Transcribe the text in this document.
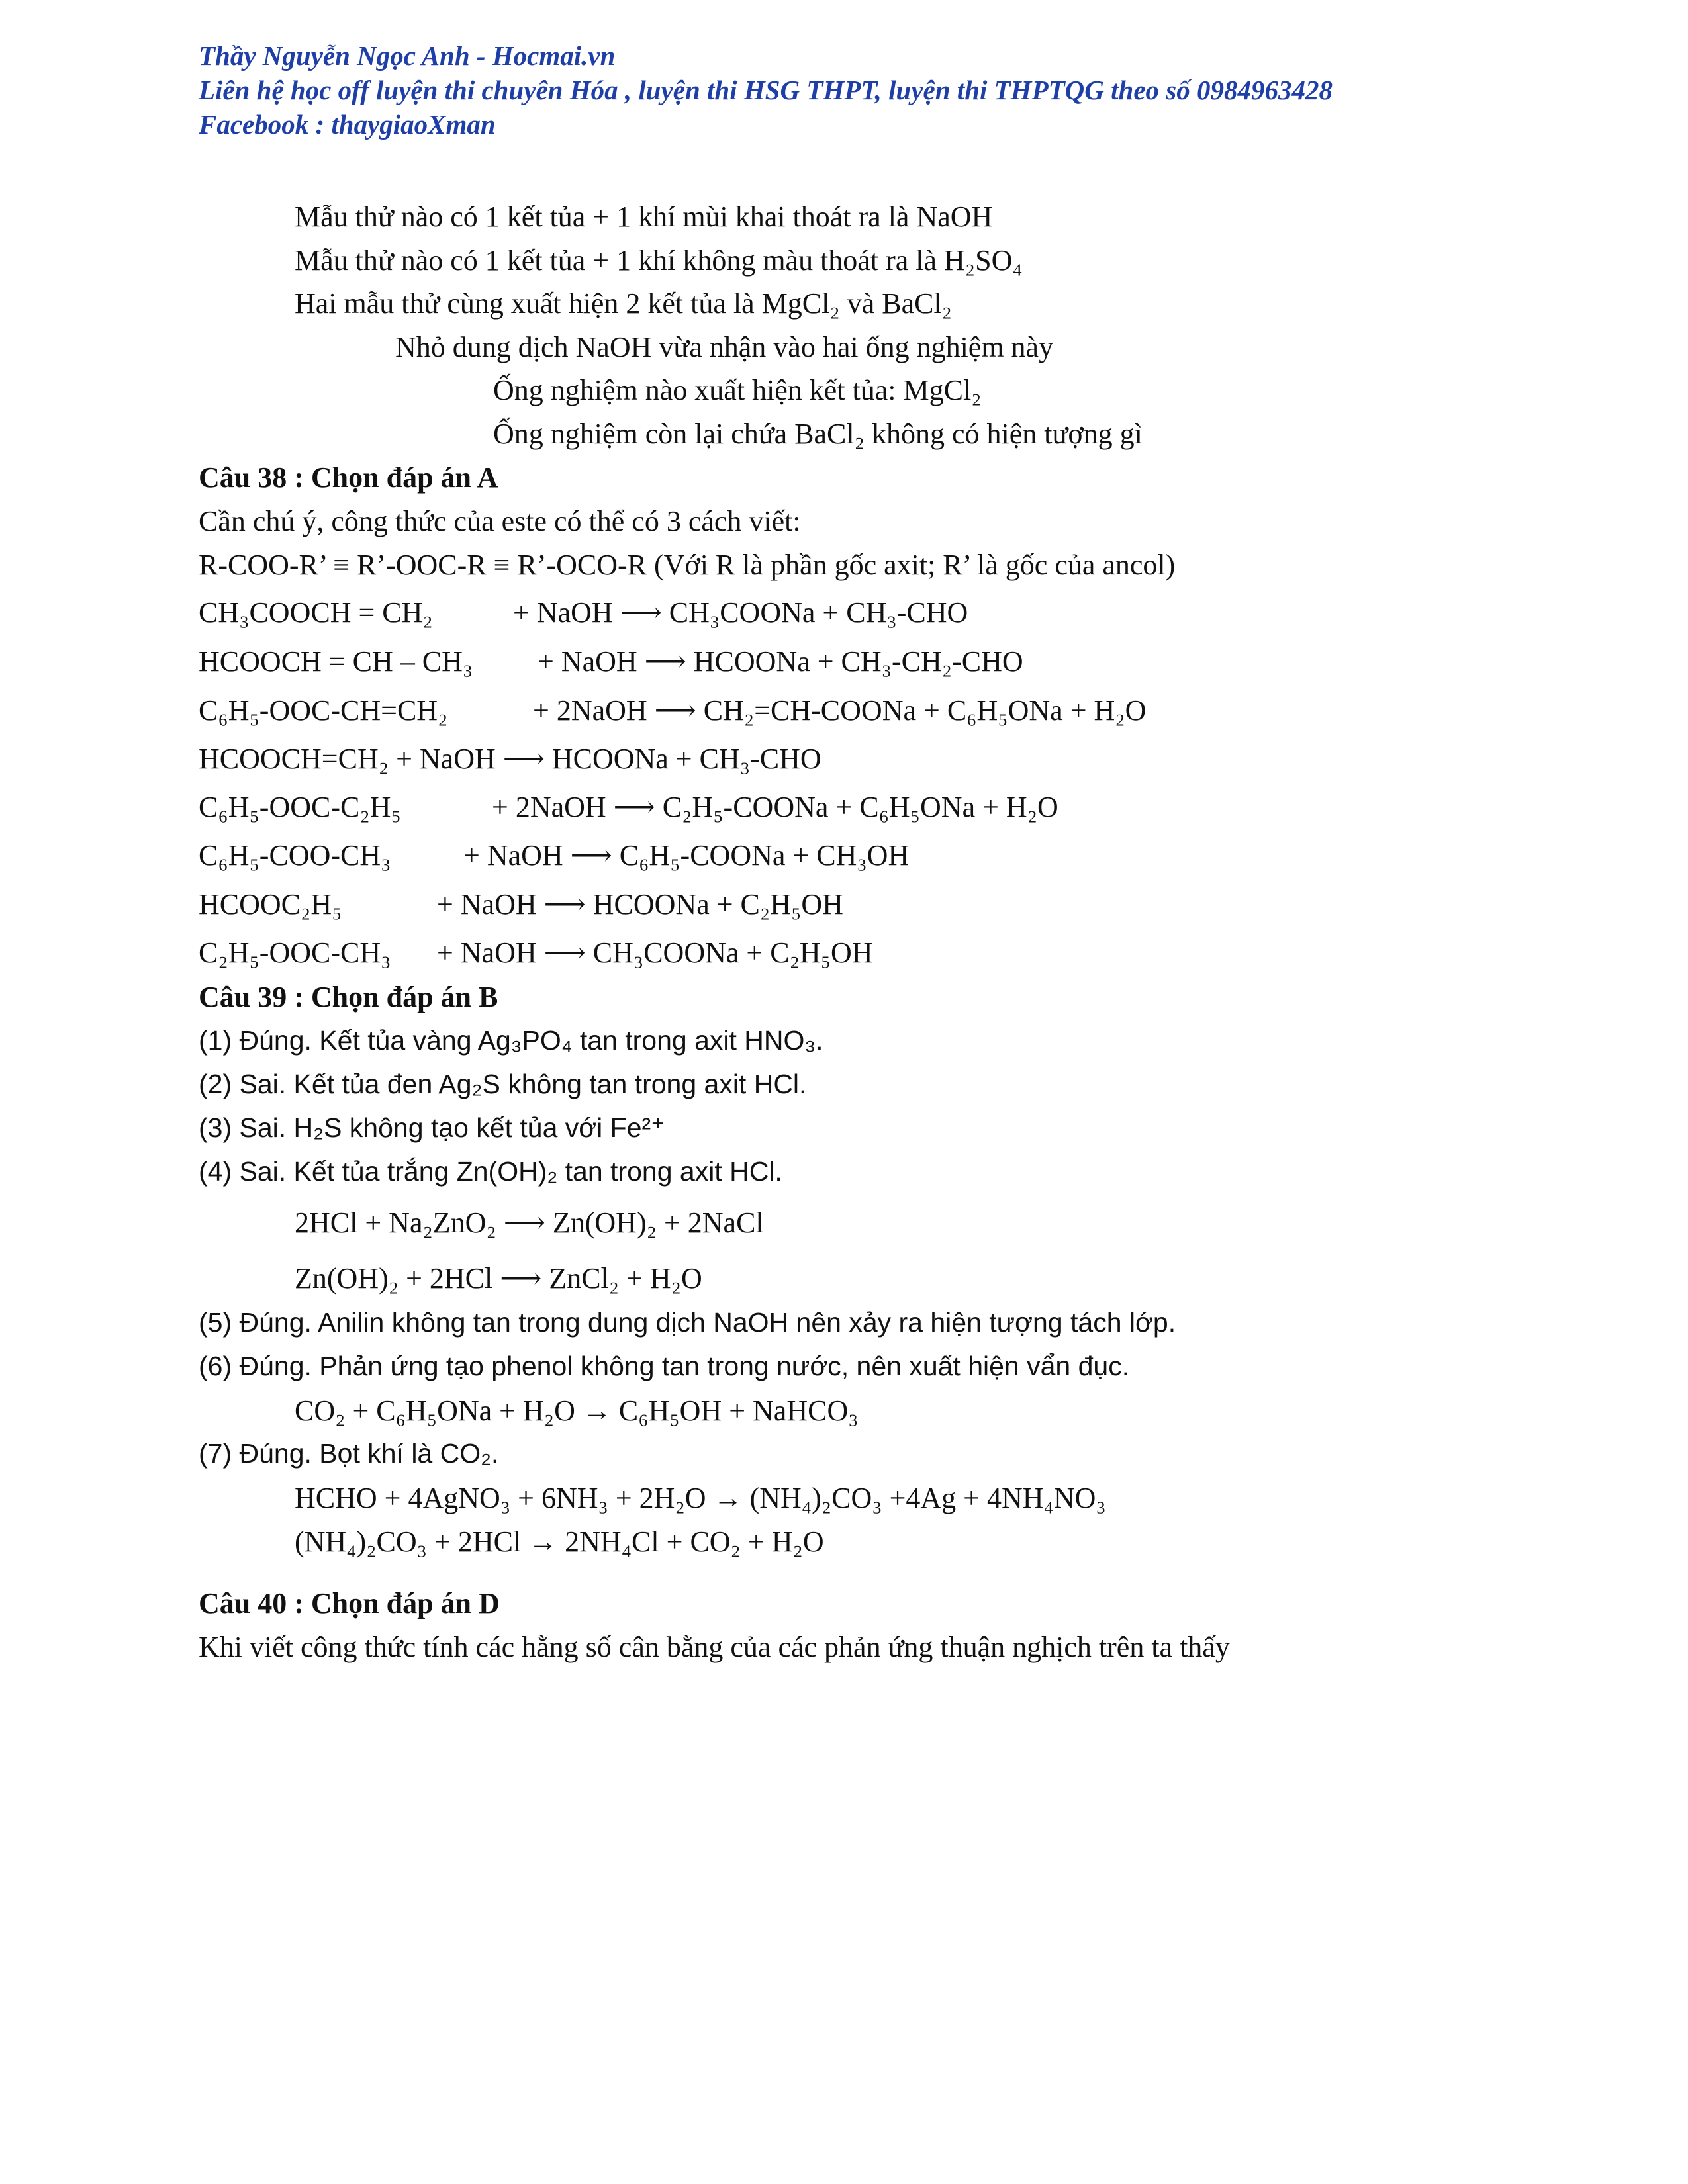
Thầy Nguyễn Ngọc Anh - Hocmai.vn
Liên hệ học off luyện thi chuyên Hóa , luyện thi HSG THPT, luyện thi THPTQG theo số 0984963428
Facebook : thaygiaoXman
Mẫu thử nào có 1 kết tủa + 1 khí mùi khai thoát ra là NaOH
Mẫu thử nào có 1 kết tủa + 1 khí không màu thoát ra là H₂SO₄
Hai mẫu thử cùng xuất hiện 2 kết tủa là MgCl₂ và BaCl₂
Nhỏ dung dịch NaOH vừa nhận vào hai ống nghiệm này
Ống nghiệm nào xuất hiện kết tủa: MgCl₂
Ống nghiệm còn lại chứa BaCl₂ không có hiện tượng gì
Câu 38 : Chọn đáp án A
Cần chú ý, công thức của este có thể có 3 cách viết:
R-COO-R’ ≡ R’-OOC-R ≡ R’-OCO-R (Với R là phần gốc axit; R’ là gốc của ancol)
CH₃COOCH = CH₂	+ NaOH ⟶ CH₃COONa + CH₃-CHO
HCOOCH = CH – CH₃ + NaOH ⟶ HCOONa + CH₃-CH₂-CHO
C₆H₅-OOC-CH=CH₂	+ 2NaOH ⟶ CH₂=CH-COONa + C₆H₅ONa + H₂O
HCOOCH=CH₂ + NaOH ⟶ HCOONa + CH₃-CHO
C₆H₅-OOC-C₂H₅	+ 2NaOH ⟶ C₂H₅-COONa + C₆H₅ONa + H₂O
C₆H₅-COO-CH₃ + NaOH ⟶ C₆H₅-COONa + CH₃OH
HCOOC₂H₅	+ NaOH ⟶ HCOONa + C₂H₅OH
C₂H₅-OOC-CH₃ + NaOH ⟶ CH₃COONa + C₂H₅OH
Câu 39 : Chọn đáp án B
(1) Đúng. Kết tủa vàng Ag₃PO₄ tan trong axit HNO₃.
(2) Sai. Kết tủa đen Ag₂S không tan trong axit HCl.
(3) Sai. H₂S không tạo kết tủa với Fe²⁺
(4) Sai. Kết tủa trắng Zn(OH)₂ tan trong axit HCl.
2HCl + Na₂ZnO₂ ⟶ Zn(OH)₂ + 2NaCl
Zn(OH)₂ + 2HCl ⟶ ZnCl₂ + H₂O
(5) Đúng. Anilin không tan trong dung dịch NaOH nên xảy ra hiện tượng tách lớp.
(6) Đúng. Phản ứng tạo phenol không tan trong nước, nên xuất hiện vẩn đục.
CO₂ + C₆H₅ONa + H₂O → C₆H₅OH + NaHCO₃
(7) Đúng. Bọt khí là CO₂.
HCHO + 4AgNO₃ + 6NH₃ + 2H₂O → (NH₄)₂CO₃ +4Ag + 4NH₄NO₃
(NH₄)₂CO₃ + 2HCl → 2NH₄Cl + CO₂ + H₂O
Câu 40 : Chọn đáp án D
Khi viết công thức tính các hằng số cân bằng của các phản ứng thuận nghịch trên ta thấy
